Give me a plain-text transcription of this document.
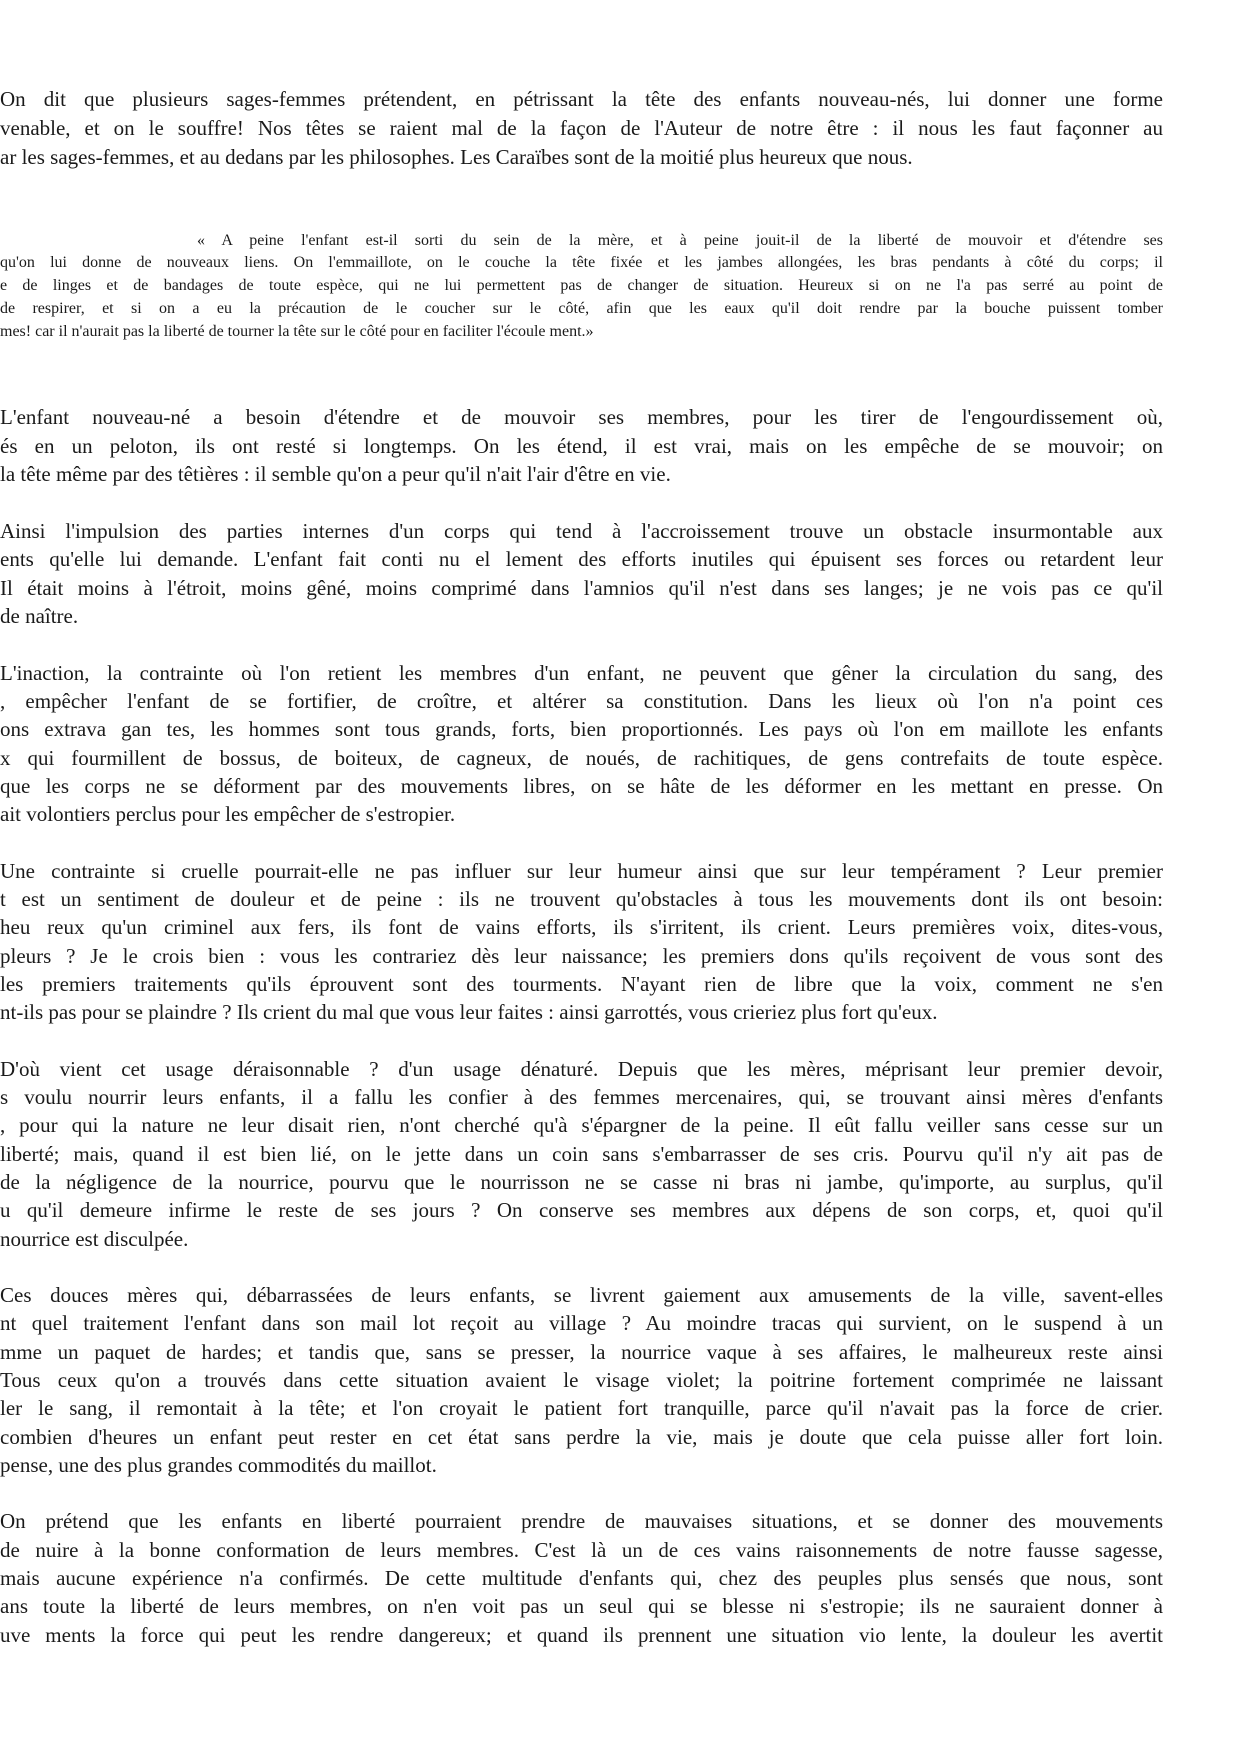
On dit que plusieurs sages-femmes prétendent, en pétrissant la tête des enfants nouveau-nés, lui donner une forme

venable, et on le souffre! Nos têtes se raient mal de la façon de l'Auteur de notre être : il nous les faut façonner au

ar les sages-femmes, et au dedans par les philosophes. Les Caraïbes sont de la moitié plus heureux que nous.

« A peine l'enfant est-il sorti du sein de la mère, et à peine jouit-il de la liberté de mouvoir et d'étendre ses

qu'on lui donne de nouveaux liens. On l'emmaillote, on le couche la tête fixée et les jambes allongées, les bras pendants à côté du corps; il

e de linges et de bandages de toute espèce, qui ne lui permettent pas de changer de situation. Heureux si on ne l'a pas serré au point de

de respirer, et si on a eu la précaution de le coucher sur le côté, afin que les eaux qu'il doit rendre par la bouche puissent tomber

mes! car il n'aurait pas la liberté de tourner la tête sur le côté pour en faciliter l'écoule ment.»

L'enfant nouveau-né a besoin d'étendre et de mouvoir ses membres, pour les tirer de l'engourdissement où,

és en un peloton, ils ont resté si longtemps. On les étend, il est vrai, mais on les empêche de se mouvoir; on

la tête même par des têtières : il semble qu'on a peur qu'il n'ait l'air d'être en vie.

Ainsi l'impulsion des parties internes d'un corps qui tend à l'accroissement trouve un obstacle insurmontable aux

ents qu'elle lui demande. L'enfant fait conti nu el lement des efforts inutiles qui épuisent ses forces ou retardent leur

Il était moins à l'étroit, moins gêné, moins comprimé dans l'amnios qu'il n'est dans ses langes; je ne vois pas ce qu'il

de naître.

L'inaction, la contrainte où l'on retient les membres d'un enfant, ne peuvent que gêner la circulation du sang, des

, empêcher l'enfant de se fortifier, de croître, et altérer sa constitution. Dans les lieux où l'on n'a point ces

ons extrava gan tes, les hommes sont tous grands, forts, bien proportionnés. Les pays où l'on em maillote les enfants

x qui fourmillent de bossus, de boiteux, de cagneux, de noués, de rachitiques, de gens contrefaits de toute espèce.

que les corps ne se déforment par des mouvements libres, on se hâte de les déformer en les mettant en presse. On

ait volontiers perclus pour les empêcher de s'estropier.

Une contrainte si cruelle pourrait-elle ne pas influer sur leur humeur ainsi que sur leur tempérament ? Leur premier

t est un sentiment de douleur et de peine : ils ne trouvent qu'obstacles à tous les mouvements dont ils ont besoin:

heu reux qu'un criminel aux fers, ils font de vains efforts, ils s'irritent, ils crient. Leurs premières voix, dites-vous,

pleurs ? Je le crois bien : vous les contrariez dès leur naissance; les premiers dons qu'ils reçoivent de vous sont des

les premiers traitements qu'ils éprouvent sont des tourments. N'ayant rien de libre que la voix, comment ne s'en

nt-ils pas pour se plaindre ? Ils crient du mal que vous leur faites : ainsi garrottés, vous crieriez plus fort qu'eux.

D'où vient cet usage déraisonnable ? d'un usage dénaturé. Depuis que les mères, méprisant leur premier devoir,

s voulu nourrir leurs enfants, il a fallu les confier à des femmes mercenaires, qui, se trouvant ainsi mères d'enfants

, pour qui la nature ne leur disait rien, n'ont cherché qu'à s'épargner de la peine. Il eût fallu veiller sans cesse sur un

liberté; mais, quand il est bien lié, on le jette dans un coin sans s'embarrasser de ses cris. Pourvu qu'il n'y ait pas de

de la négligence de la nourrice, pourvu que le nourrisson ne se casse ni bras ni jambe, qu'importe, au surplus, qu'il

u qu'il demeure infirme le reste de ses jours ? On conserve ses membres aux dépens de son corps, et, quoi qu'il

nourrice est disculpée.

Ces douces mères qui, débarrassées de leurs enfants, se livrent gaiement aux amusements de la ville, savent-elles

nt quel traitement l'enfant dans son mail lot reçoit au village ? Au moindre tracas qui survient, on le suspend à un

mme un paquet de hardes; et tandis que, sans se presser, la nourrice vaque à ses affaires, le malheureux reste ainsi

Tous ceux qu'on a trouvés dans cette situation avaient le visage violet; la poitrine fortement comprimée ne laissant

ler le sang, il remontait à la tête; et l'on croyait le patient fort tranquille, parce qu'il n'avait pas la force de crier.

combien d'heures un enfant peut rester en cet état sans perdre la vie, mais je doute que cela puisse aller fort loin.

pense, une des plus grandes commodités du maillot.

On prétend que les enfants en liberté pourraient prendre de mauvaises situations, et se donner des mouvements

de nuire à la bonne conformation de leurs membres. C'est là un de ces vains raisonnements de notre fausse sagesse,

mais aucune expérience n'a confirmés. De cette multitude d'enfants qui, chez des peuples plus sensés que nous, sont

ans toute la liberté de leurs membres, on n'en voit pas un seul qui se blesse ni s'estropie; ils ne sauraient donner à

uve ments la force qui peut les rendre dangereux; et quand ils prennent une situation vio lente, la douleur les avertit
